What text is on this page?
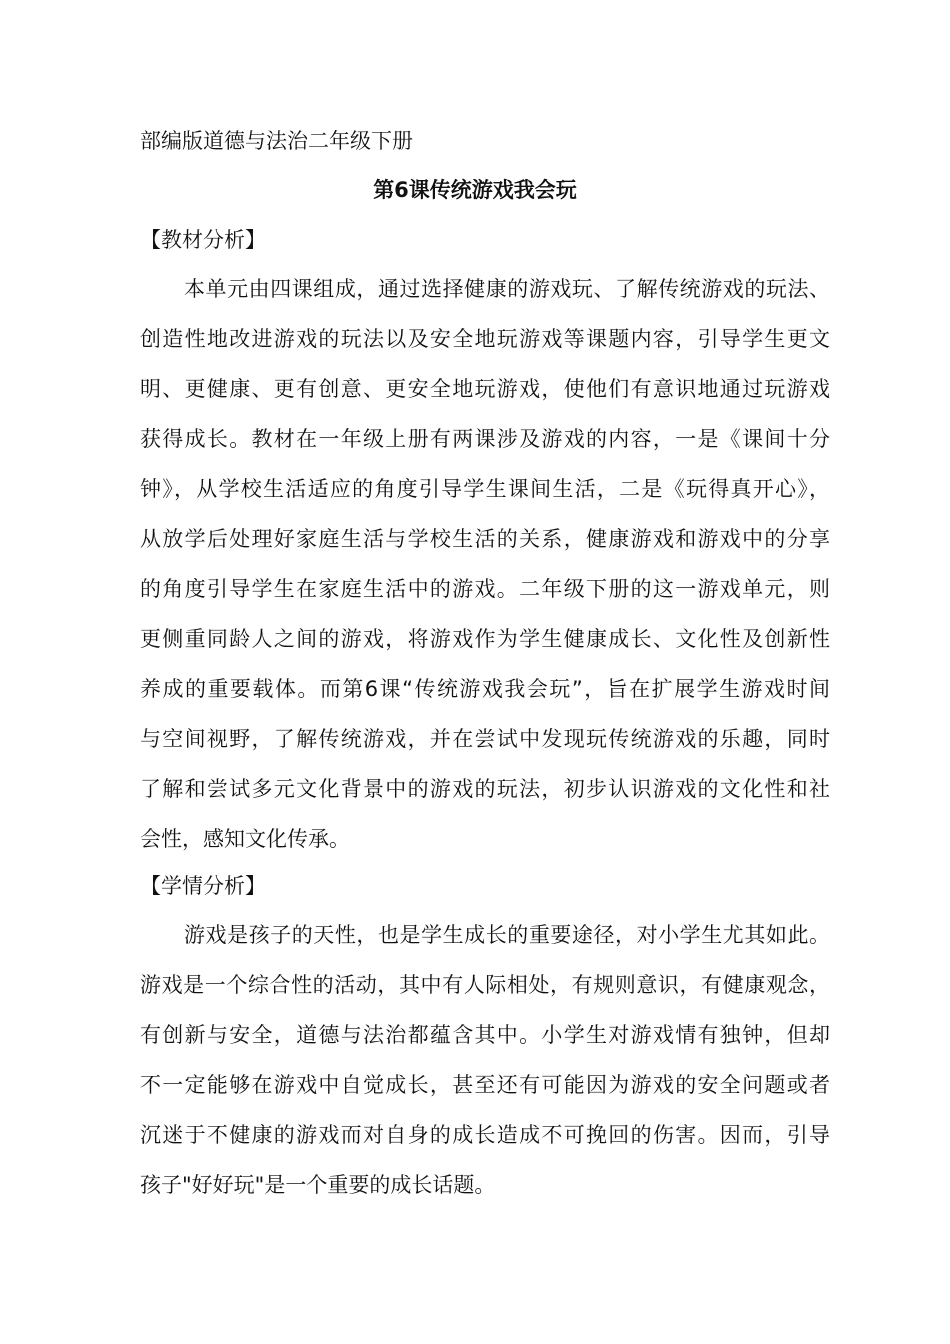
部编版道德与法治二年级下册
第6课传统游戏我会玩
【教材分析】
本单元由四课组成，通过选择健康的游戏玩、了解传统游戏的玩法、
创造性地改进游戏的玩法以及安全地玩游戏等课题内容，引导学生更文
明、更健康、更有创意、更安全地玩游戏，使他们有意识地通过玩游戏
获得成长。教材在一年级上册有两课涉及游戏的内容，一是《课间十分
钟》，从学校生活适应的角度引导学生课间生活，二是《玩得真开心》，
从放学后处理好家庭生活与学校生活的关系，健康游戏和游戏中的分享
的角度引导学生在家庭生活中的游戏。二年级下册的这一游戏单元，则
更侧重同龄人之间的游戏，将游戏作为学生健康成长、文化性及创新性
养成的重要载体。而第6课“传统游戏我会玩”，旨在扩展学生游戏时间
与空间视野，了解传统游戏，并在尝试中发现玩传统游戏的乐趣，同时
了解和尝试多元文化背景中的游戏的玩法，初步认识游戏的文化性和社
会性，感知文化传承。
【学情分析】
游戏是孩子的天性，也是学生成长的重要途径，对小学生尤其如此。
游戏是一个综合性的活动，其中有人际相处，有规则意识，有健康观念，
有创新与安全，道德与法治都蕴含其中。小学生对游戏情有独钟，但却
不一定能够在游戏中自觉成长，甚至还有可能因为游戏的安全问题或者
沉迷于不健康的游戏而对自身的成长造成不可挽回的伤害。因而，引导
孩子"好好玩"是一个重要的成长话题。
